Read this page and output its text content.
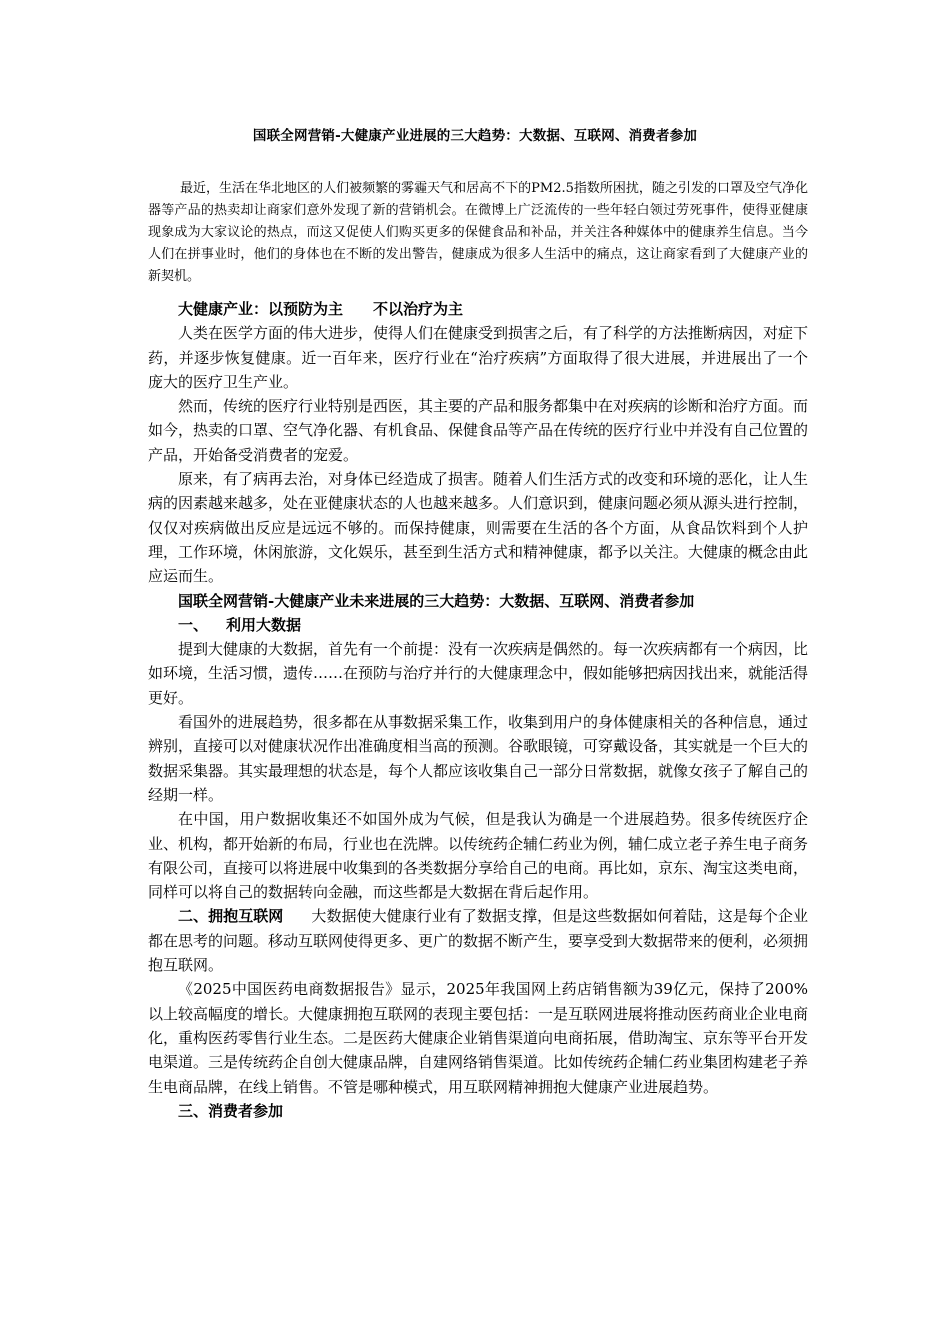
国联全网营销-大健康产业进展的三大趋势：大数据、互联网、消费者参加

最近，生活在华北地区的人们被频繁的雾霾天气和居高不下的PM2.5指数所困扰，随之引发的口罩及空气净化器等产品的热卖却让商家们意外发现了新的营销机会。在微博上广泛流传的一些年轻白领过劳死事件，使得亚健康现象成为大家议论的热点，而这又促使人们购买更多的保健食品和补品，并关注各种媒体中的健康养生信息。当今人们在拼事业时，他们的身体也在不断的发出警告，健康成为很多人生活中的痛点，这让商家看到了大健康产业的新契机。

大健康产业：以预防为主 不以治疗为主

人类在医学方面的伟大进步，使得人们在健康受到损害之后，有了科学的方法推断病因，对症下药，并逐步恢复健康。近一百年来，医疗行业在“治疗疾病”方面取得了很大进展，并进展出了一个庞大的医疗卫生产业。

然而，传统的医疗行业特别是西医，其主要的产品和服务都集中在对疾病的诊断和治疗方面。而如今，热卖的口罩、空气净化器、有机食品、保健食品等产品在传统的医疗行业中并没有自己位置的产品，开始备受消费者的宠爱。

原来，有了病再去治，对身体已经造成了损害。随着人们生活方式的改变和环境的恶化，让人生病的因素越来越多，处在亚健康状态的人也越来越多。人们意识到，健康问题必须从源头进行控制，仅仅对疾病做出反应是远远不够的。而保持健康，则需要在生活的各个方面，从食品饮料到个人护理，工作环境，休闲旅游，文化娱乐，甚至到生活方式和精神健康，都予以关注。大健康的概念由此应运而生。

国联全网营销-大健康产业未来进展的三大趋势：大数据、互联网、消费者参加

一、 利用大数据

提到大健康的大数据，首先有一个前提：没有一次疾病是偶然的。每一次疾病都有一个病因，比如环境，生活习惯，遗传……在预防与治疗并行的大健康理念中，假如能够把病因找出来，就能活得更好。

看国外的进展趋势，很多都在从事数据采集工作，收集到用户的身体健康相关的各种信息，通过辨别，直接可以对健康状况作出准确度相当高的预测。谷歌眼镜，可穿戴设备，其实就是一个巨大的数据采集器。其实最理想的状态是，每个人都应该收集自己一部分日常数据，就像女孩子了解自己的经期一样。

在中国，用户数据收集还不如国外成为气候，但是我认为确是一个进展趋势。很多传统医疗企业、机构，都开始新的布局，行业也在洗牌。以传统药企辅仁药业为例，辅仁成立老子养生电子商务有限公司，直接可以将进展中收集到的各类数据分享给自己的电商。再比如，京东、淘宝这类电商，同样可以将自己的数据转向金融，而这些都是大数据在背后起作用。

二、拥抱互联网 大数据使大健康行业有了数据支撑，但是这些数据如何着陆，这是每个企业都在思考的问题。移动互联网使得更多、更广的数据不断产生，要享受到大数据带来的便利，必须拥抱互联网。

《2025中国医药电商数据报告》显示，2025年我国网上药店销售额为39亿元，保持了200%以上较高幅度的增长。大健康拥抱互联网的表现主要包括：一是互联网进展将推动医药商业企业电商化，重构医药零售行业生态。二是医药大健康企业销售渠道向电商拓展，借助淘宝、京东等平台开发电渠道。三是传统药企自创大健康品牌，自建网络销售渠道。比如传统药企辅仁药业集团构建老子养生电商品牌，在线上销售。不管是哪种模式，用互联网精神拥抱大健康产业进展趋势。

三、消费者参加
